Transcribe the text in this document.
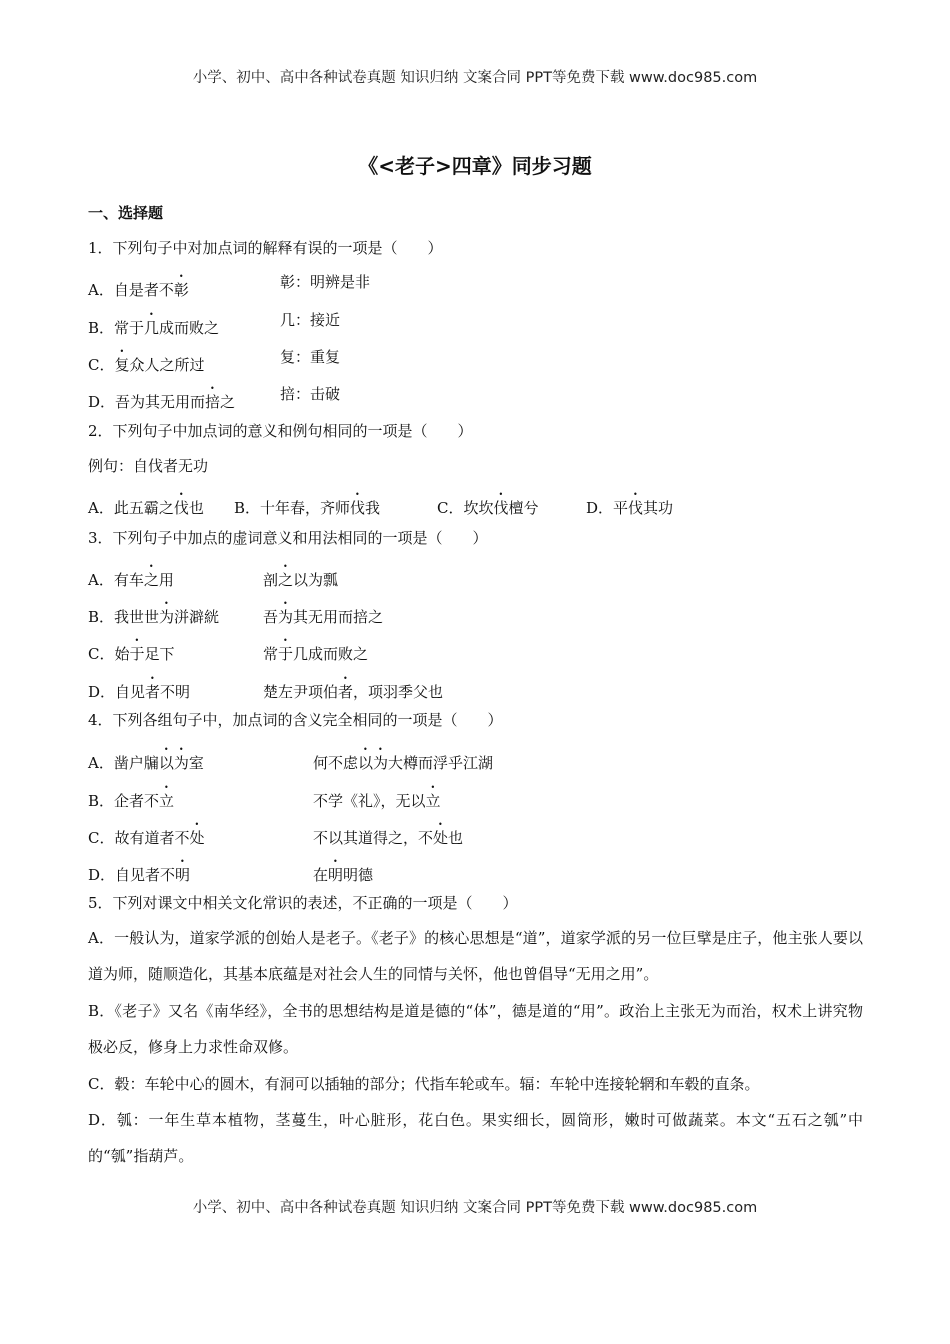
小学、初中、高中各种试卷真题 知识归纳 文案合同 PPT等免费下载 www.doc985.com
《<老子>四章》同步习题
一、选择题
1．下列句子中对加点词的解释有误的一项是（　　）
A．自是者不彰	彰：明辨是非
B．常于几成而败之	几：接近
C．复众人之所过	复：重复
D．吾为其无用而掊之	掊：击破
2．下列句子中加点词的意义和例句相同的一项是（　　）
例句：自伐者无功
A．此五霸之伐也 B．十年春，齐师伐我	C．坎坎伐檀兮	D．平伐其功
3．下列句子中加点的虚词意义和用法相同的一项是（　　）
A．有车之用	剖之以为瓢
B．我世世为洴澼絖	吾为其无用而掊之
C．始于足下	常于几成而败之
D．自见者不明	楚左尹项伯者，项羽季父也
4．下列各组句子中，加点词的含义完全相同的一项是（　　）
A．凿户牖以为室	何不虑以为大樽而浮乎江湖
B．企者不立	不学《礼》，无以立
C．故有道者不处	不以其道得之，不处也
D．自见者不明	在明明德
5．下列对课文中相关文化常识的表述，不正确的一项是（　　）
A．一般认为，道家学派的创始人是老子。《老子》的核心思想是“道”，道家学派的另一位巨擘是庄子，他主张人要以道为师，随顺造化，其基本底蕴是对社会人生的同情与关怀，他也曾倡导“无用之用”。
B．《老子》又名《南华经》，全书的思想结构是道是德的“体”，德是道的“用”。政治上主张无为而治，权术上讲究物极必反，修身上力求性命双修。
C．毂：车轮中心的圆木，有洞可以插轴的部分；代指车轮或车。辐：车轮中连接轮辋和车毂的直条。
D．瓠：一年生草本植物，茎蔓生，叶心脏形，花白色。果实细长，圆筒形，嫩时可做蔬菜。本文“五石之瓠”中的“瓠”指葫芦。
小学、初中、高中各种试卷真题 知识归纳 文案合同 PPT等免费下载 www.doc985.com
